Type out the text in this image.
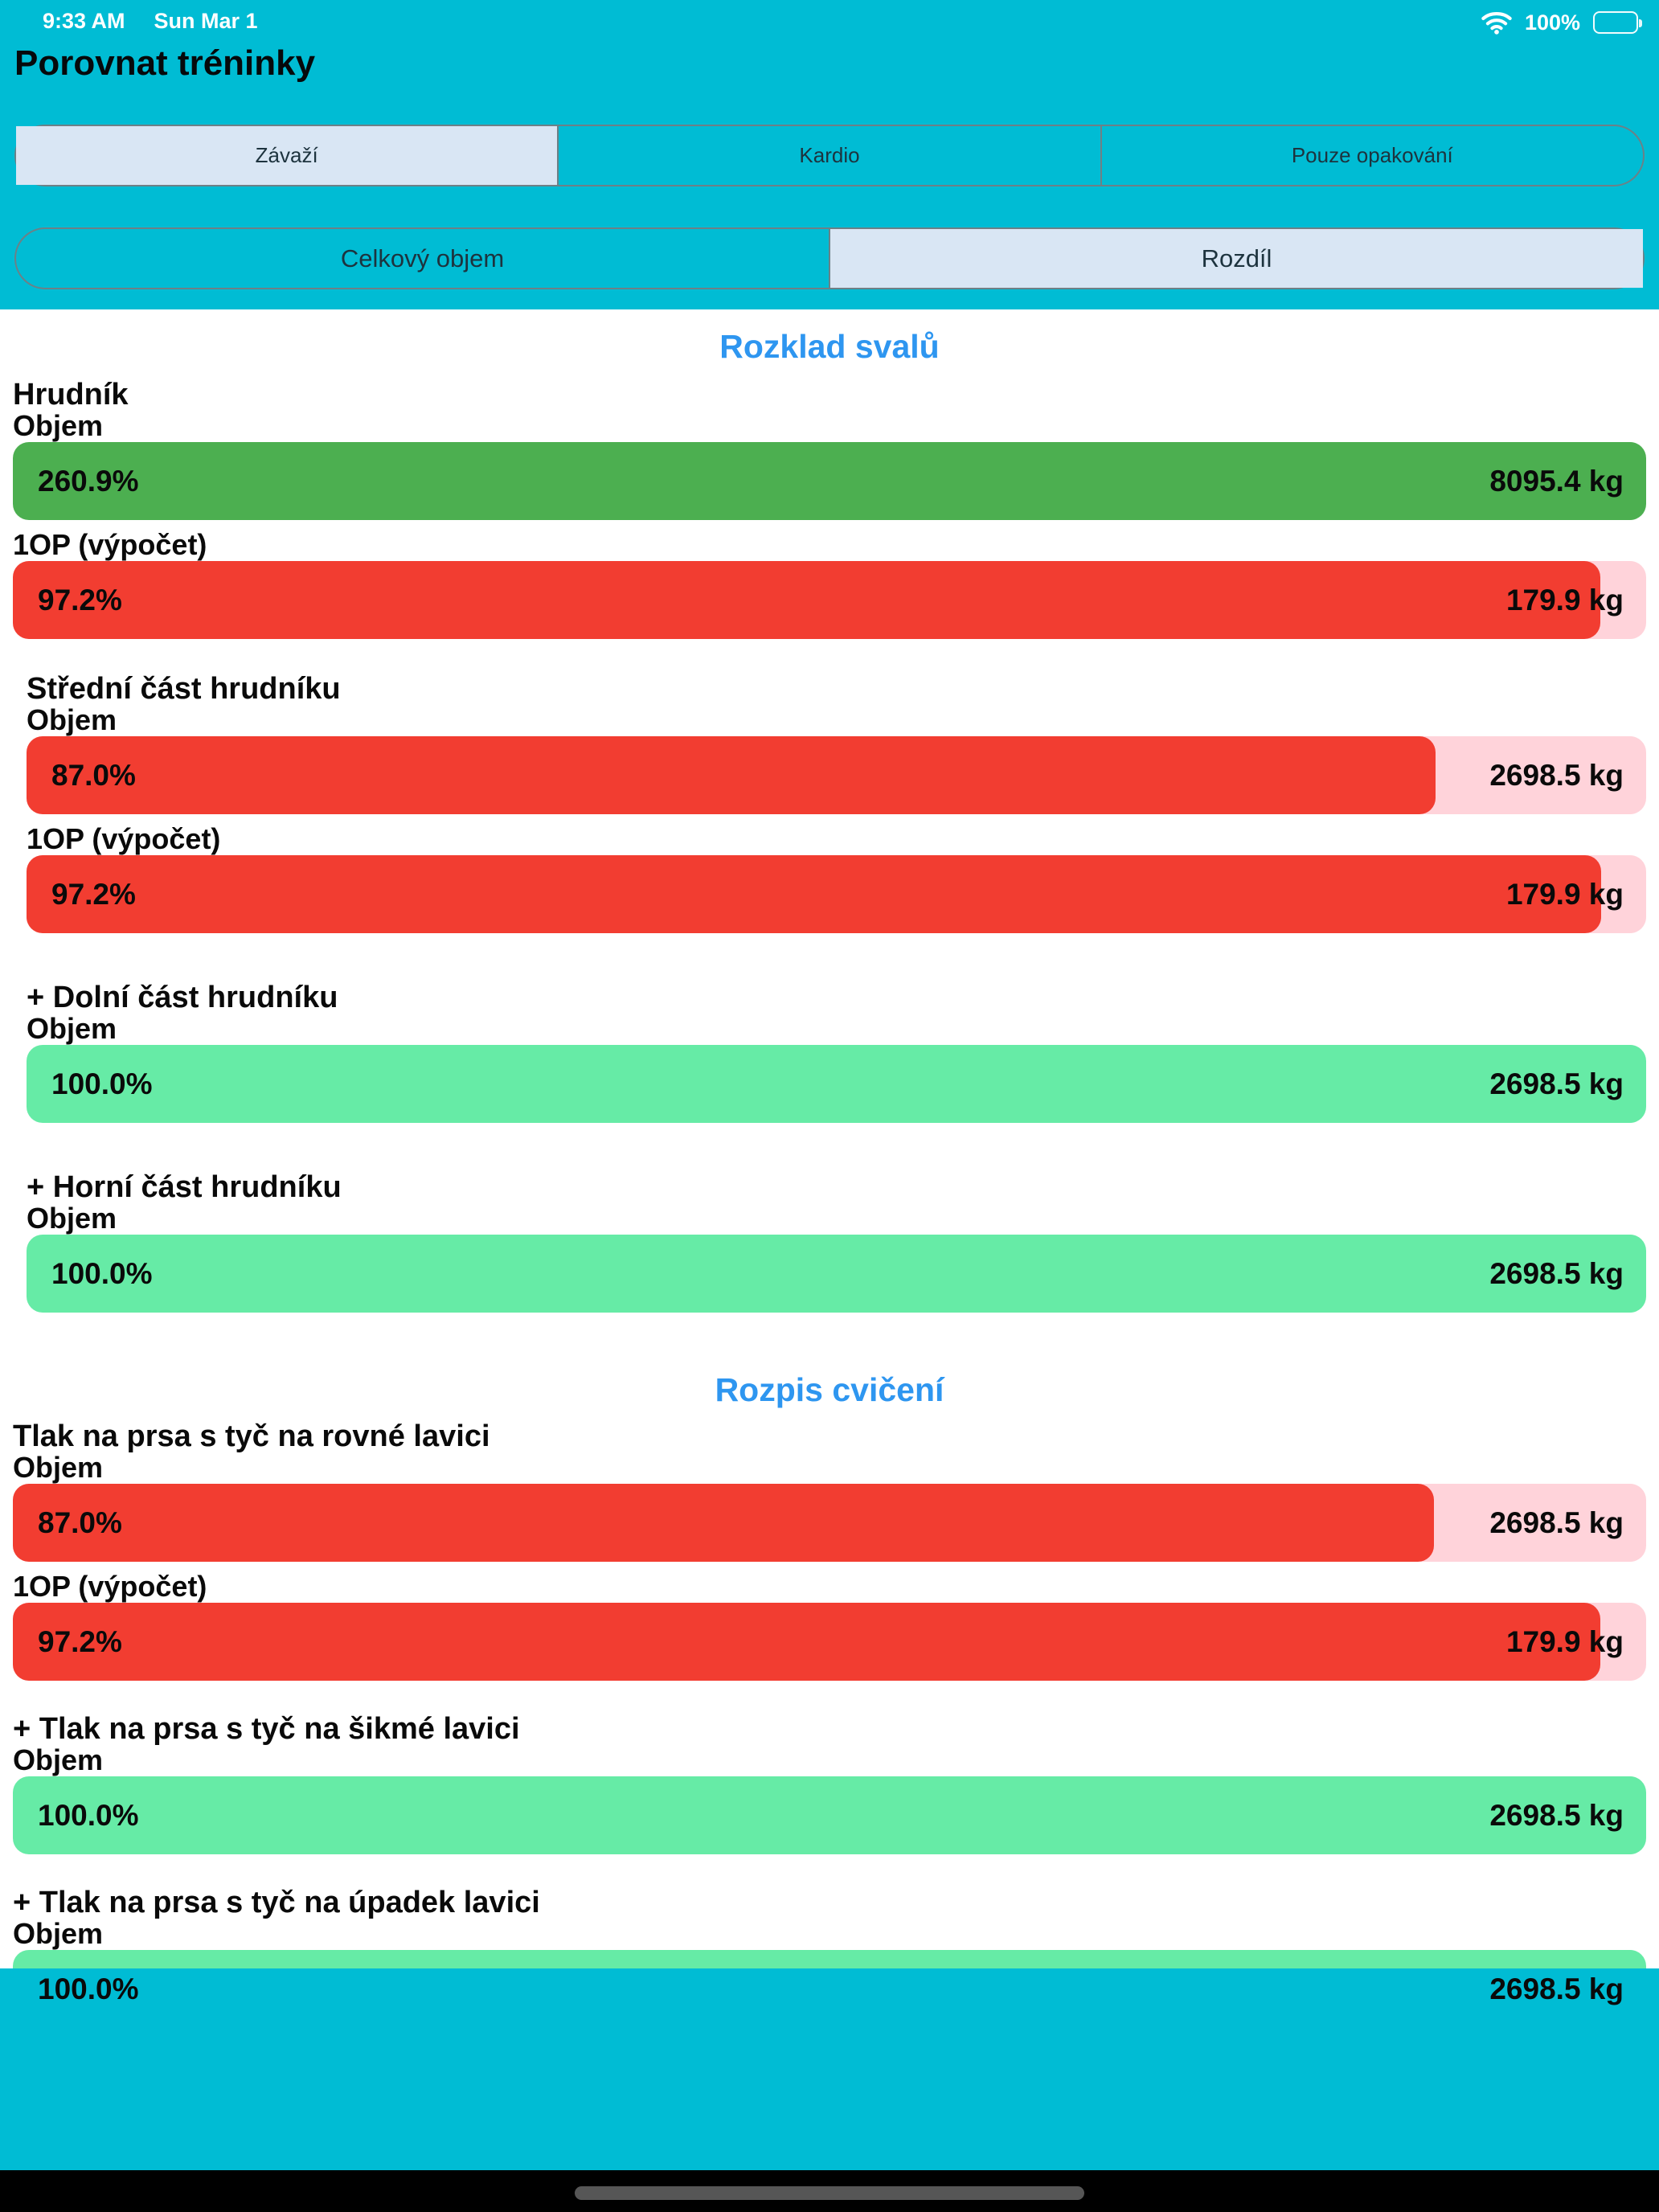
9:33 AM Sun Mar 1	100%
Porovnat tréninky
Závaží	Kardio	Pouze opakování
Celkový objem	Rozdíl
Rozklad svalů
Hrudník
Objem
260.9%	8095.4 kg
1OP (výpočet)
97.2%	179.9 kg
Střední část hrudníku
Objem
87.0%	2698.5 kg
1OP (výpočet)
97.2%	179.9 kg
+ Dolní část hrudníku
Objem
100.0%	2698.5 kg
+ Horní část hrudníku
Objem
100.0%	2698.5 kg
Rozpis cvičení
Tlak na prsa s tyč na rovné lavici
Objem
87.0%	2698.5 kg
1OP (výpočet)
97.2%	179.9 kg
+ Tlak na prsa s tyč na šikmé lavici
Objem
100.0%	2698.5 kg
+ Tlak na prsa s tyč na úpadek lavici
Objem
100.0%	2698.5 kg
